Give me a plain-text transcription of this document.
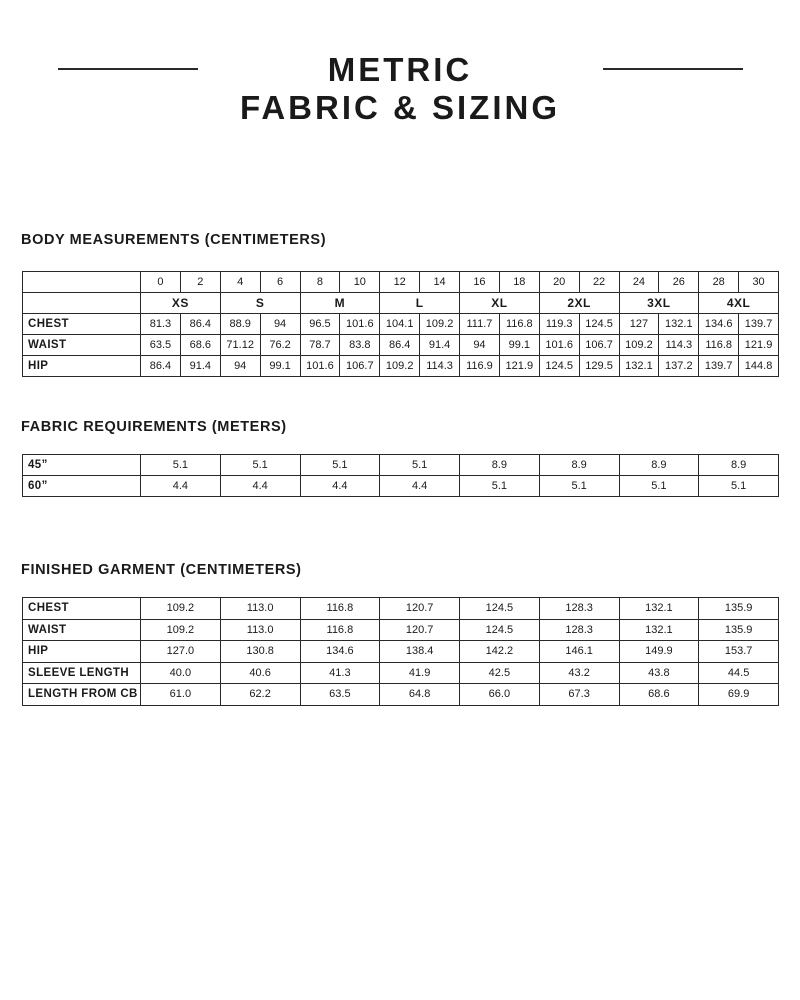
METRIC
FABRIC & SIZING
BODY MEASUREMENTS (CENTIMETERS)
	0	2	4	6	8	10	12	14	16	18	20	22	24	26	28	30
	XS		S		M		L		XL		2XL		3XL		4XL	
CHEST	81.3	86.4	88.9	94	96.5	101.6	104.1	109.2	111.7	116.8	119.3	124.5	127	132.1	134.6	139.7
WAIST	63.5	68.6	71.12	76.2	78.7	83.8	86.4	91.4	94	99.1	101.6	106.7	109.2	114.3	116.8	121.9
HIP	86.4	91.4	94	99.1	101.6	106.7	109.2	114.3	116.9	121.9	124.5	129.5	132.1	137.2	139.7	144.8
FABRIC REQUIREMENTS (METERS)
45”	5.1	5.1	5.1	5.1	8.9	8.9	8.9	8.9
60”	4.4	4.4	4.4	4.4	5.1	5.1	5.1	5.1
FINISHED GARMENT (CENTIMETERS)
CHEST	109.2	113.0	116.8	120.7	124.5	128.3	132.1	135.9
WAIST	109.2	113.0	116.8	120.7	124.5	128.3	132.1	135.9
HIP	127.0	130.8	134.6	138.4	142.2	146.1	149.9	153.7
SLEEVE LENGTH	40.0	40.6	41.3	41.9	42.5	43.2	43.8	44.5
LENGTH FROM CB	61.0	62.2	63.5	64.8	66.0	67.3	68.6	69.9
